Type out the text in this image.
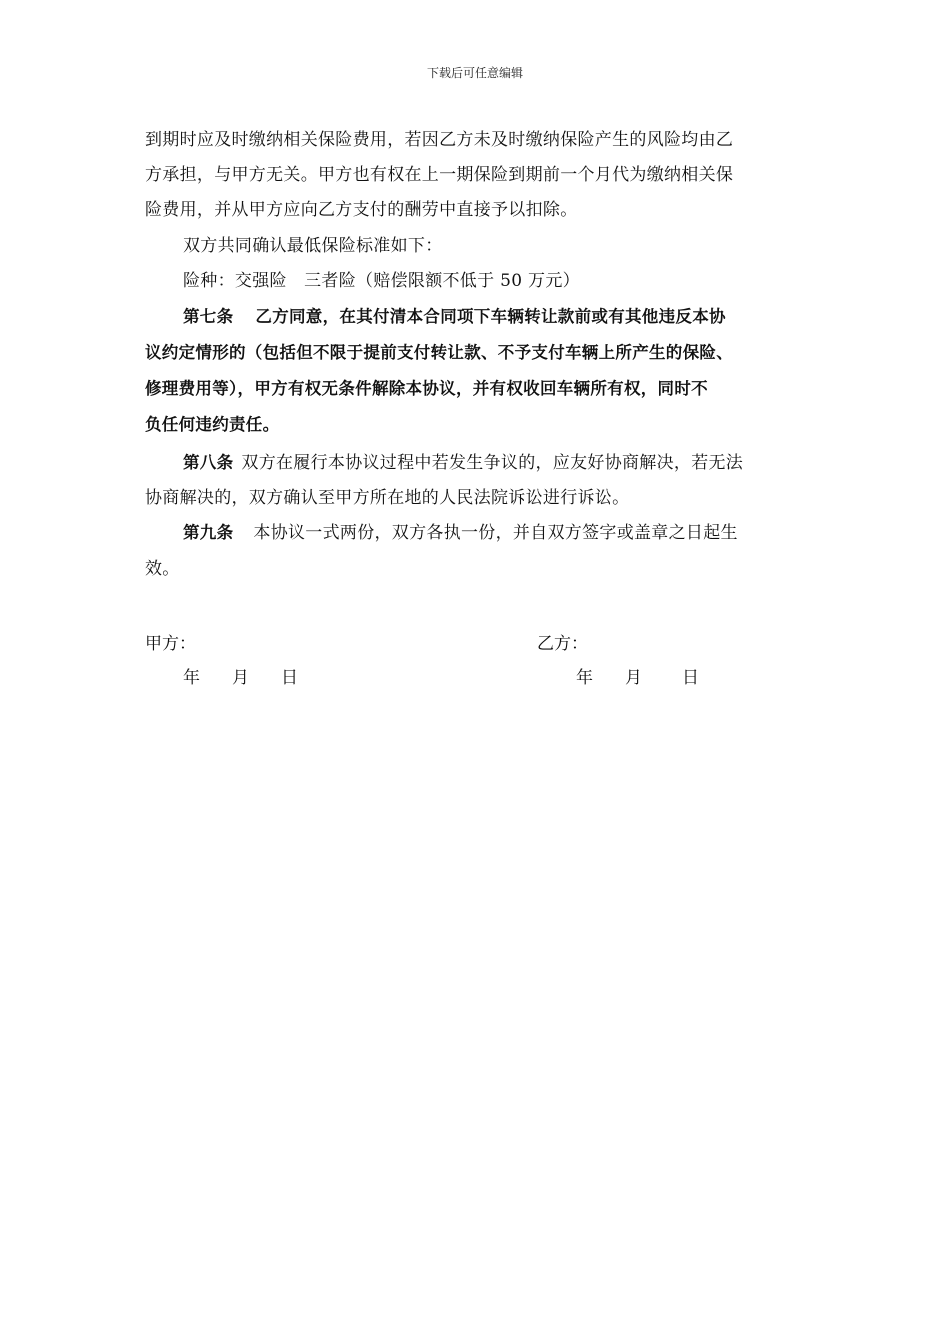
下载后可任意编辑
到期时应及时缴纳相关保险费用，若因乙方未及时缴纳保险产生的风险均由乙
方承担，与甲方无关。甲方也有权在上一期保险到期前一个月代为缴纳相关保
险费用，并从甲方应向乙方支付的酬劳中直接予以扣除。
双方共同确认最低保险标准如下：
险种：交强险　三者险（赔偿限额不低于 50 万元）
第七条 乙方同意，在其付清本合同项下车辆转让款前或有其他违反本协
议约定情形的（包括但不限于提前支付转让款、不予支付车辆上所产生的保险、
修理费用等），甲方有权无条件解除本协议，并有权收回车辆所有权，同时不
负任何违约责任。
第八条 双方在履行本协议过程中若发生争议的，应友好协商解决，若无法
协商解决的，双方确认至甲方所在地的人民法院诉讼进行诉讼。
第九条 本协议一式两份，双方各执一份，并自双方签字或盖章之日起生
效。
甲方：	乙方：
年 月 日	年 月 日
